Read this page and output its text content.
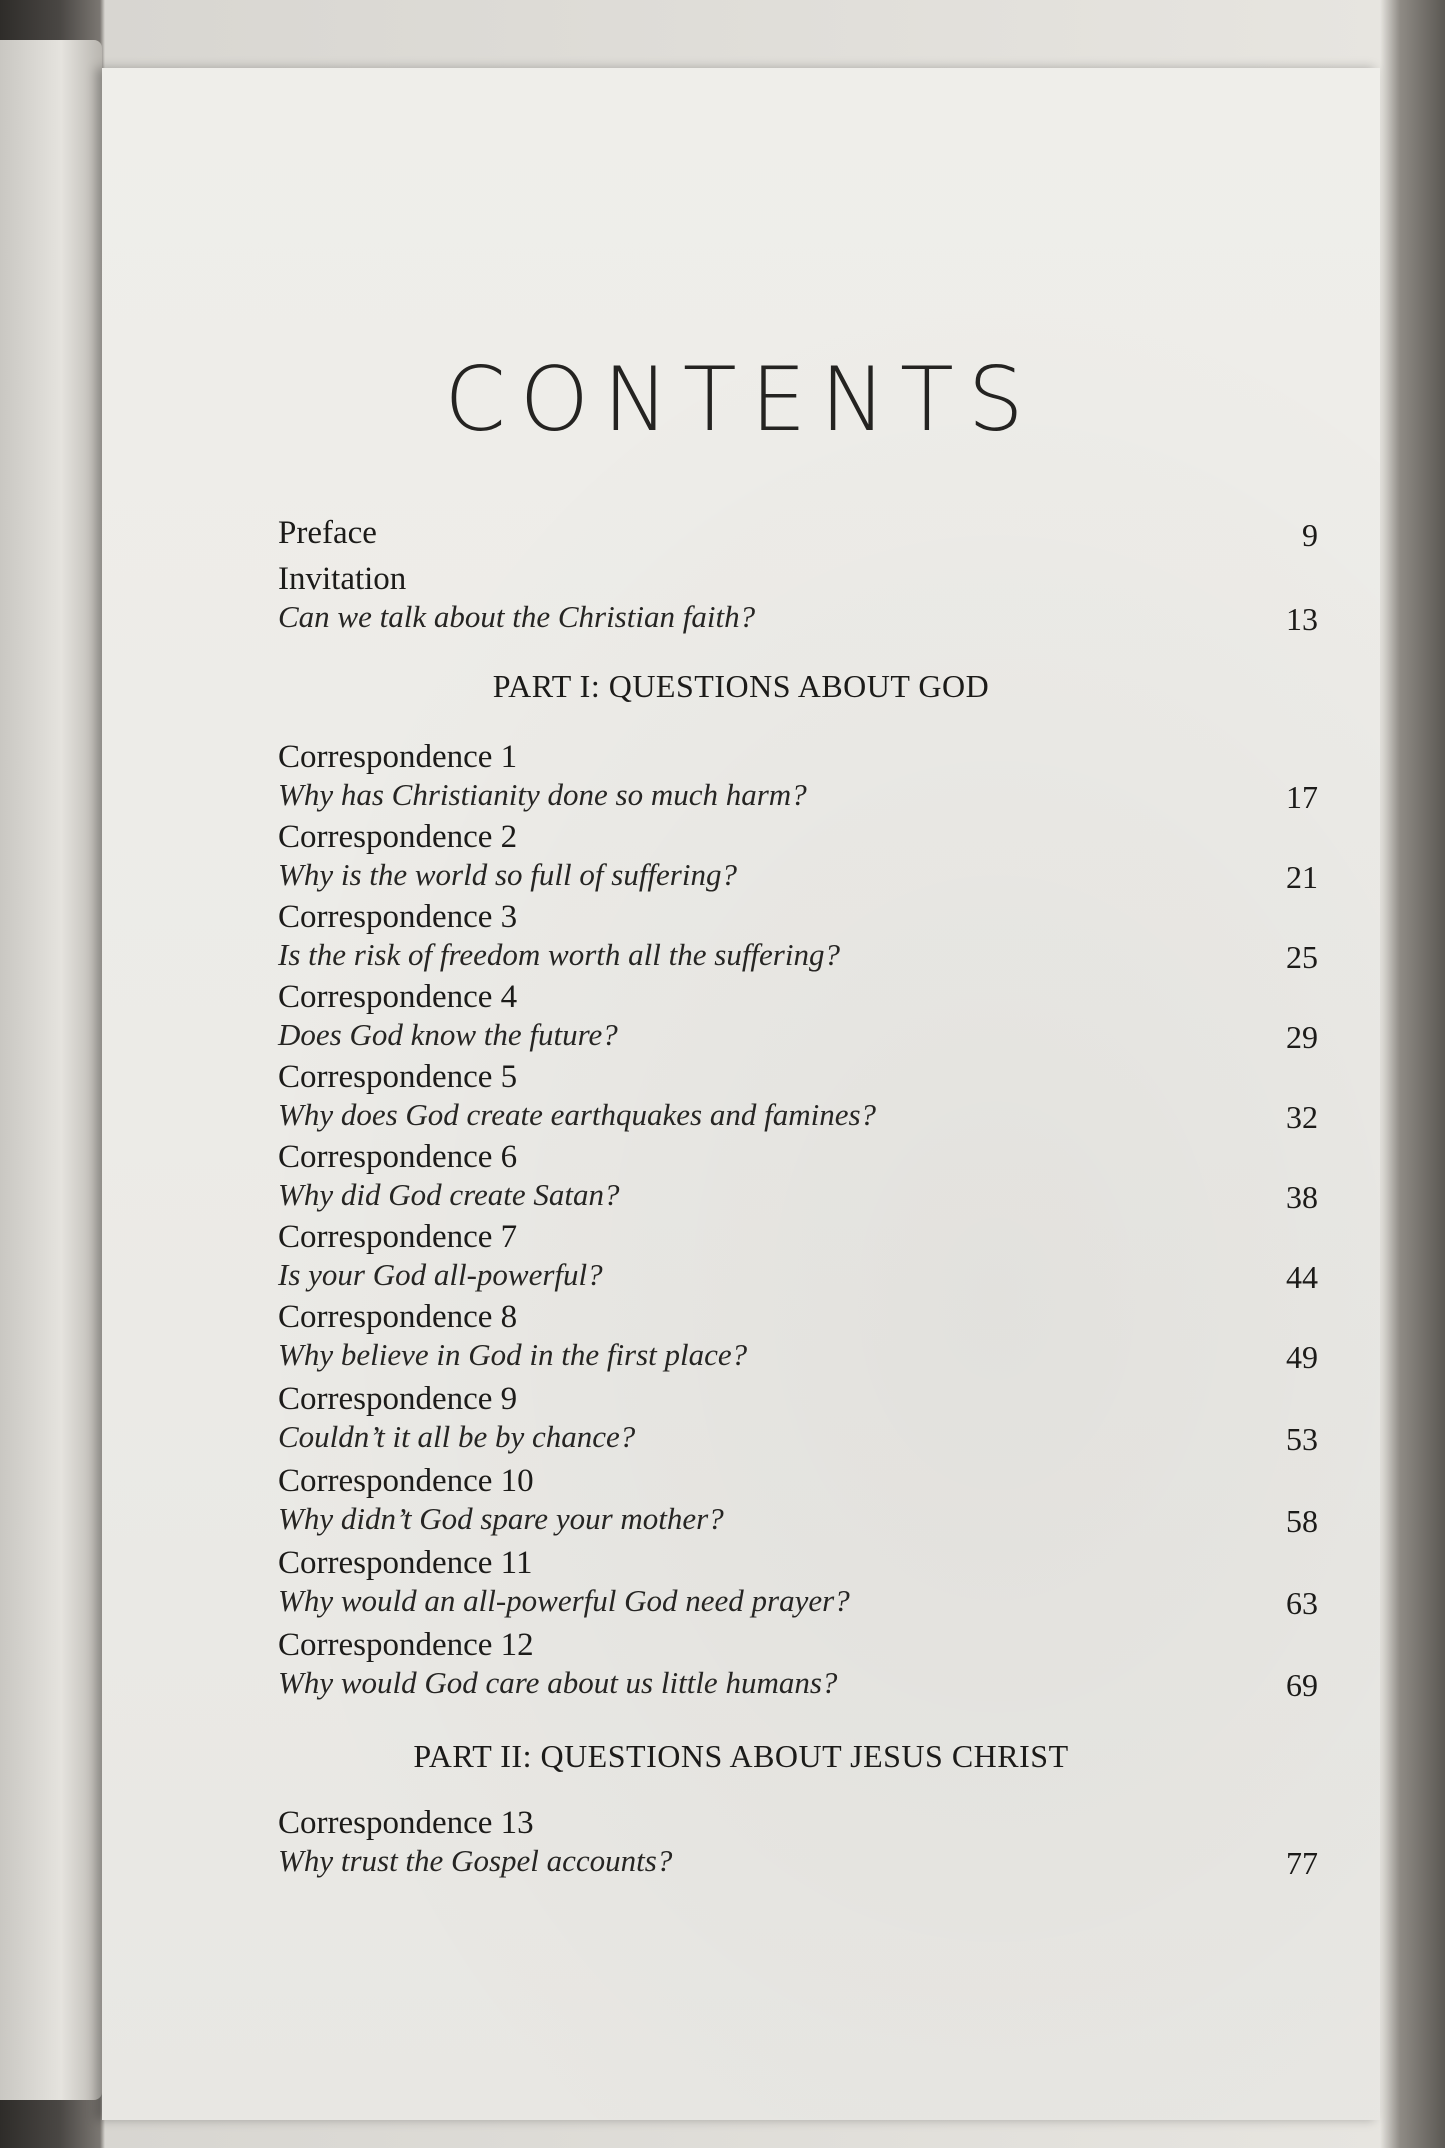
CONTENTS
Preface	9
Invitation
Can we talk about the Christian faith?	13
PART I: QUESTIONS ABOUT GOD
Correspondence 1
Why has Christianity done so much harm?	17
Correspondence 2
Why is the world so full of suffering?	21
Correspondence 3
Is the risk of freedom worth all the suffering?	25
Correspondence 4
Does God know the future?	29
Correspondence 5
Why does God create earthquakes and famines?	32
Correspondence 6
Why did God create Satan?	38
Correspondence 7
Is your God all-powerful?	44
Correspondence 8
Why believe in God in the first place?	49
Correspondence 9
Couldn’t it all be by chance?	53
Correspondence 10
Why didn’t God spare your mother?	58
Correspondence 11
Why would an all-powerful God need prayer?	63
Correspondence 12
Why would God care about us little humans?	69
PART II: QUESTIONS ABOUT JESUS CHRIST
Correspondence 13
Why trust the Gospel accounts?	77
